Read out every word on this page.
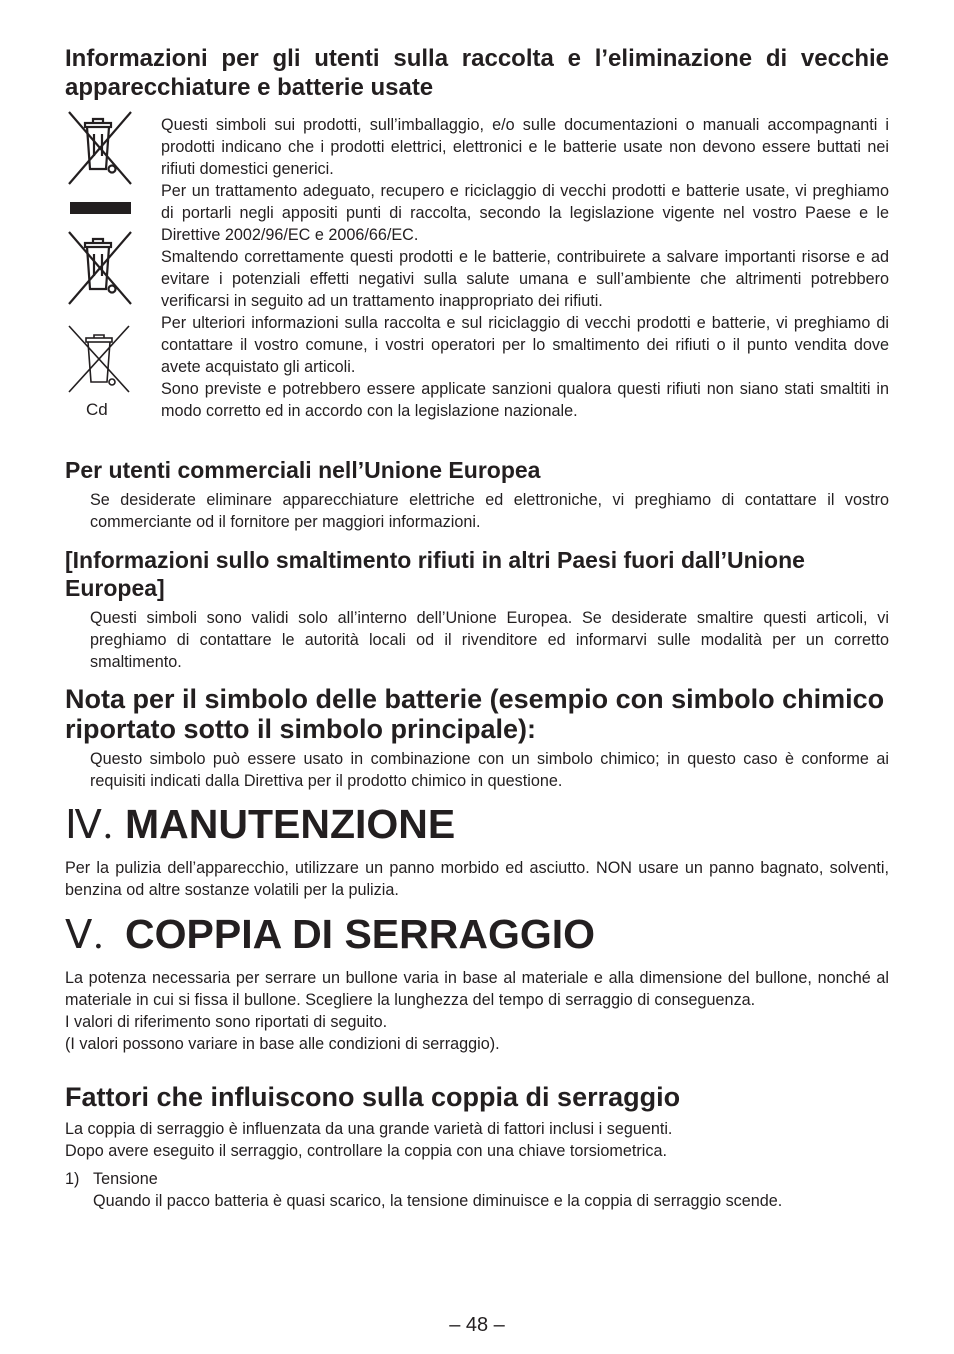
Informazioni per gli utenti sulla raccolta e l’eliminazione di vecchie apparecchiature e batterie usate
Cd

Questi simboli sui prodotti, sull’imballaggio, e/o sulle documentazioni o manuali accompagnanti i prodotti indicano che i prodotti elettrici, elettronici e le batterie usate non devono essere buttati nei rifiuti domestici generici.

Per un trattamento adeguato, recupero e riciclaggio di vecchi prodotti e batterie usate, vi preghiamo di portarli negli appositi punti di raccolta, secondo la legislazione vigente nel vostro Paese e le Direttive 2002/96/EC e 2006/66/EC.

Smaltendo correttamente questi prodotti e le batterie, contribuirete a salvare importanti risorse e ad evitare i potenziali effetti negativi sulla salute umana e sull’ambiente che altrimenti potrebbero verificarsi in seguito ad un trattamento inappropriato dei rifiuti.

Per ulteriori informazioni sulla raccolta e sul riciclaggio di vecchi prodotti e batterie, vi preghiamo di contattare il vostro comune, i vostri operatori per lo smaltimento dei rifiuti o il punto vendita dove avete acquistato gli articoli.

Sono previste e potrebbero essere applicate sanzioni qualora questi rifiuti non siano stati smaltiti in modo corretto ed in accordo con la legislazione nazionale.

Per utenti commerciali nell’Unione Europea

Se desiderate eliminare apparecchiature elettriche ed elettroniche, vi preghiamo di contattare il vostro commerciante od il fornitore per maggiori informazioni.

[Informazioni sullo smaltimento rifiuti in altri Paesi fuori dall’Unione Europea]

Questi simboli sono validi solo all’interno dell’Unione Europea. Se desiderate smaltire questi articoli, vi preghiamo di contattare le autorità locali od il rivenditore ed informarvi sulle modalità per un corretto smaltimento.

Nota per il simbolo delle batterie (esempio con simbolo chimico riportato sotto il simbolo principale):

Questo simbolo può essere usato in combinazione con un simbolo chimico; in questo caso è conforme ai requisiti indicati dalla Direttiva per il prodotto chimico in questione.

Ⅳ. MANUTENZIONE

Per la pulizia dell’apparecchio, utilizzare un panno morbido ed asciutto. NON usare un panno bagnato, solventi, benzina od altre sostanze volatili per la pulizia.

Ⅴ. COPPIA DI SERRAGGIO

La potenza necessaria per serrare un bullone varia in base al materiale e alla dimensione del bullone, nonché al materiale in cui si fissa il bullone. Scegliere la lunghezza del tempo di serraggio di conseguenza.

I valori di riferimento sono riportati di seguito.

(I valori possono variare in base alle condizioni di serraggio).

Fattori che influiscono sulla coppia di serraggio

La coppia di serraggio è influenzata da una grande varietà di fattori inclusi i seguenti.

Dopo avere eseguito il serraggio, controllare la coppia con una chiave torsiometrica.

1) Tensione

Quando il pacco batteria è quasi scarico, la tensione diminuisce e la coppia di serraggio scende.

– 48 –
